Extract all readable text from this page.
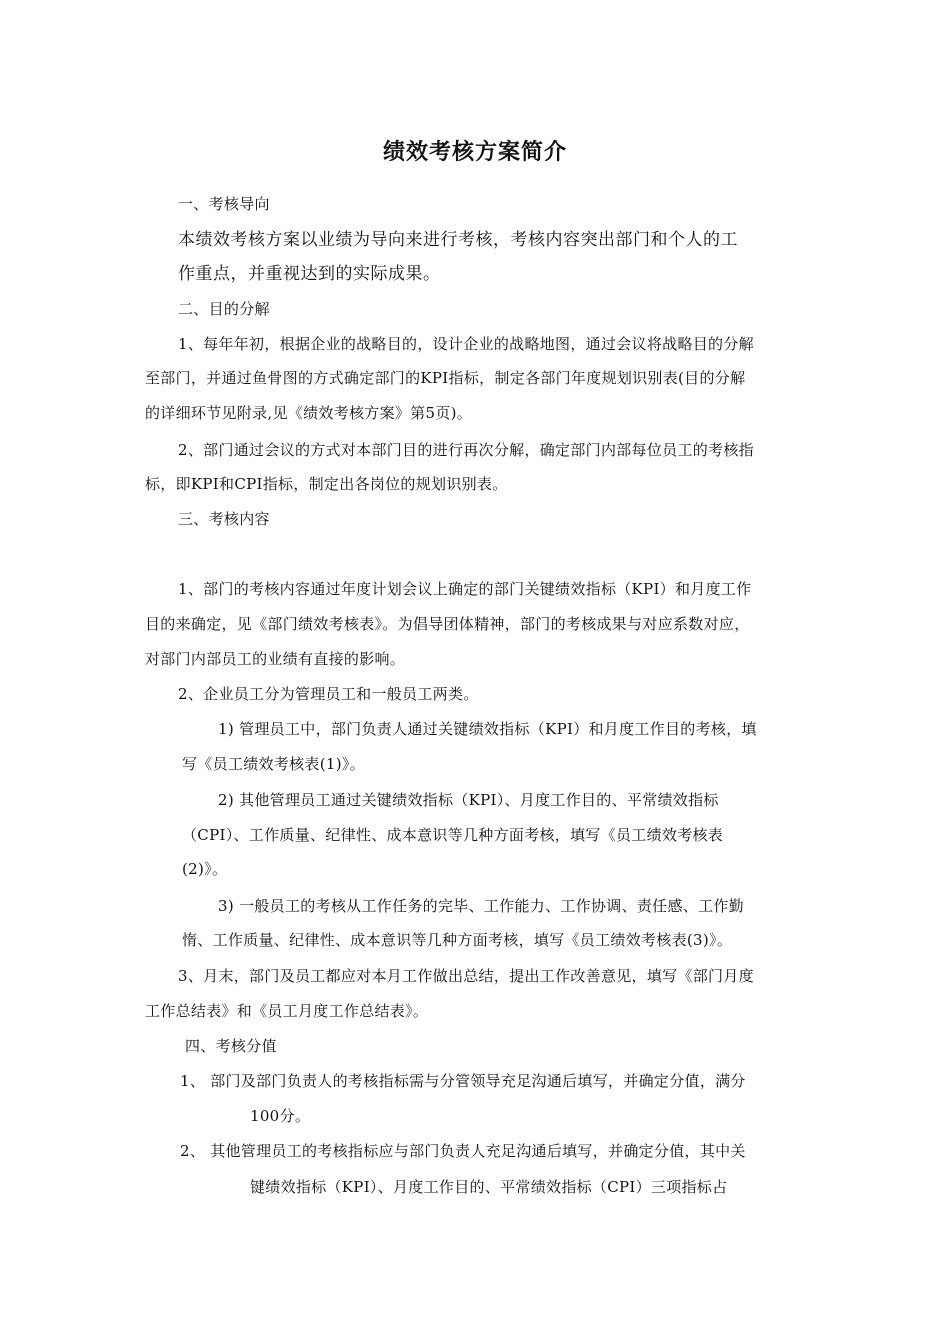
绩效考核方案简介
一、考核导向
本绩效考核方案以业绩为导向来进行考核，考核内容突出部门和个人的工
作重点，并重视达到的实际成果。
二、目的分解
1、每年年初，根据企业的战略目的，设计企业的战略地图，通过会议将战略目的分解
至部门，并通过鱼骨图的方式确定部门的KPI指标，制定各部门年度规划识别表(目的分解
的详细环节见附录,见《绩效考核方案》第5页)。
2、部门通过会议的方式对本部门目的进行再次分解，确定部门内部每位员工的考核指
标，即KPI和CPI指标，制定出各岗位的规划识别表。
三、考核内容
1、部门的考核内容通过年度计划会议上确定的部门关键绩效指标（KPI）和月度工作
目的来确定，见《部门绩效考核表》。为倡导团体精神，部门的考核成果与对应系数对应，
对部门内部员工的业绩有直接的影响。
2、企业员工分为管理员工和一般员工两类。
1) 管理员工中，部门负责人通过关键绩效指标（KPI）和月度工作目的考核，填
写《员工绩效考核表(1)》。
2) 其他管理员工通过关键绩效指标（KPI）、月度工作目的、平常绩效指标
（CPI）、工作质量、纪律性、成本意识等几种方面考核，填写《员工绩效考核表
(2)》。
3) 一般员工的考核从工作任务的完毕、工作能力、工作协调、责任感、工作勤
惰、工作质量、纪律性、成本意识等几种方面考核，填写《员工绩效考核表(3)》。
3、月末，部门及员工都应对本月工作做出总结，提出工作改善意见，填写《部门月度
工作总结表》和《员工月度工作总结表》。
四、考核分值
1、 部门及部门负责人的考核指标需与分管领导充足沟通后填写，并确定分值，满分
100分。
2、 其他管理员工的考核指标应与部门负责人充足沟通后填写，并确定分值，其中关
键绩效指标（KPI）、月度工作目的、平常绩效指标（CPI）三项指标占
